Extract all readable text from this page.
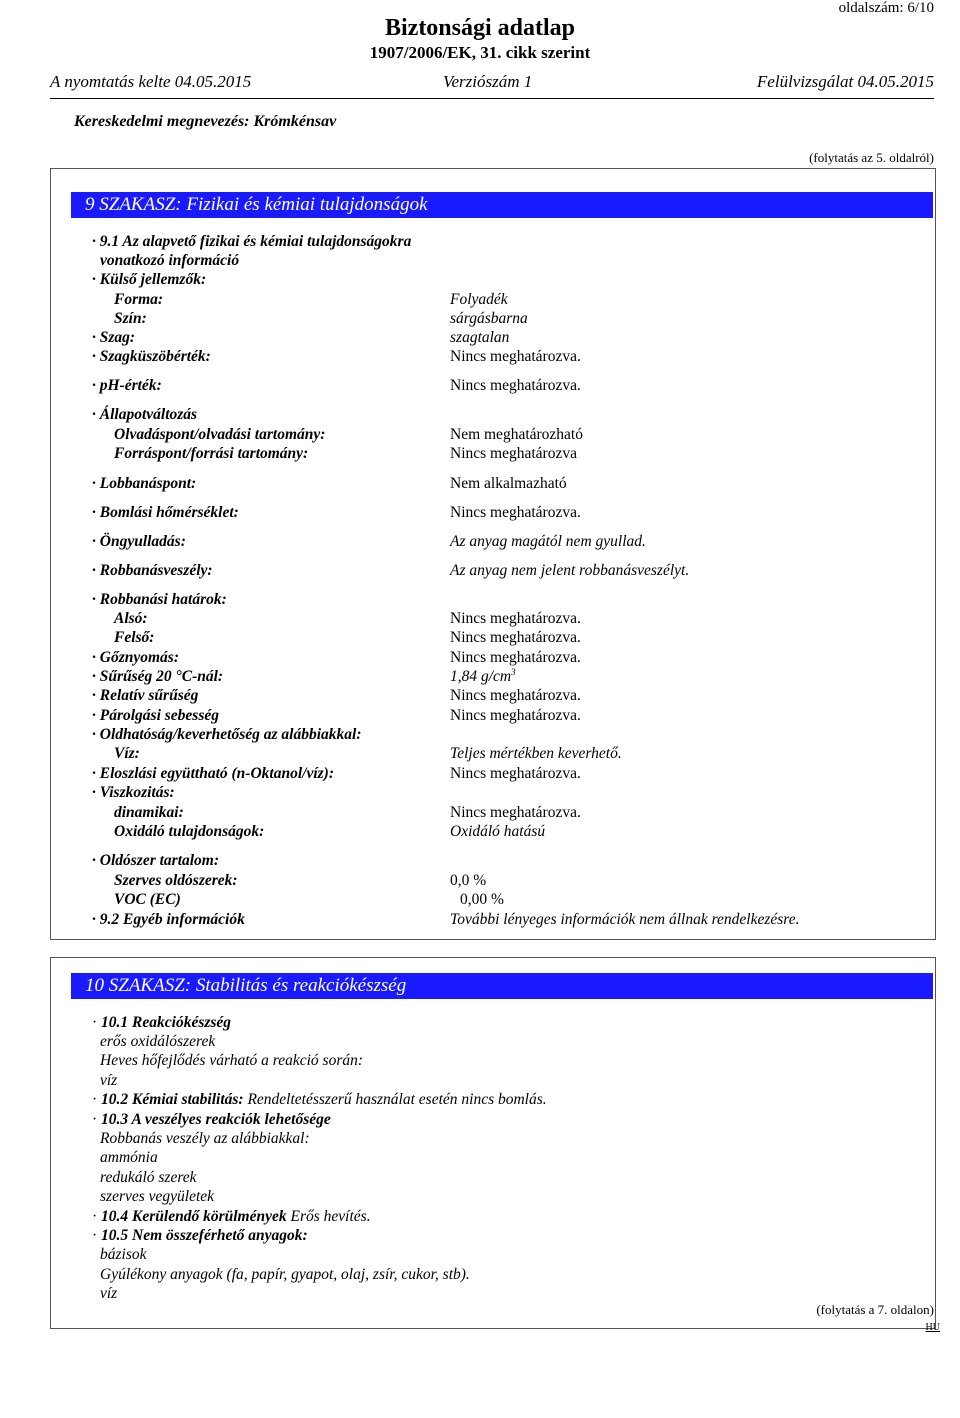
oldalszám: 6/10
Biztonsági adatlap
1907/2006/EK, 31. cikk szerint
A nyomtatás kelte 04.05.2015	Verziószám 1	Felülvizsgálat 04.05.2015
Kereskedelmi megnevezés: Krómkénsav
(folytatás az 5. oldalról)
9 SZAKASZ: Fizikai és kémiai tulajdonságok
· 9.1 Az alapvető fizikai és kémiai tulajdonságokra
vonatkozó információ
· Külső jellemzők:
Forma:	Folyadék
Szín:	sárgásbarna
· Szag:	szagtalan
· Szagküszöbérték:	Nincs meghatározva.
· pH-érték:	Nincs meghatározva.
· Állapotváltozás
Olvadáspont/olvadási tartomány:	Nem meghatározható
Forráspont/forrási tartomány:	Nincs meghatározva
· Lobbanáspont:	Nem alkalmazható
· Bomlási hőmérséklet:	Nincs meghatározva.
· Öngyulladás:	Az anyag magától nem gyullad.
· Robbanásveszély:	Az anyag nem jelent robbanásveszélyt.
· Robbanási határok:
Alsó:	Nincs meghatározva.
Felső:	Nincs meghatározva.
· Gőznyomás:	Nincs meghatározva.
· Sűrűség 20 °C-nál:	1,84 $g/cm^3$
· Relatív sűrűség	Nincs meghatározva.
· Párolgási sebesség	Nincs meghatározva.
· Oldhatóság/keverhetőség az alábbiakkal:
Víz:	Teljes mértékben keverhető.
· Eloszlási együttható (n-Oktanol/víz):	Nincs meghatározva.
· Viszkozitás:
dinamikai:	Nincs meghatározva.
Oxidáló tulajdonságok:	Oxidáló hatású
· Oldószer tartalom:
Szerves oldószerek:	0,0 %
VOC (EC)	0,00 %
· 9.2 Egyéb információk	További lényeges információk nem állnak rendelkezésre.
10 SZAKASZ: Stabilitás és reakciókészség
· 10.1 Reakciókészség
erős oxidálószerek
Heves hőfejlődés várható a reakció során:
víz
· 10.2 Kémiai stabilitás: Rendeltetésszerű használat esetén nincs bomlás.
· 10.3 A veszélyes reakciók lehetősége
Robbanás veszély az alábbiakkal:
ammónia
redukáló szerek
szerves vegyületek
· 10.4 Kerülendő körülmények Erős hevítés.
· 10.5 Nem összeférhető anyagok:
bázisok
Gyúlékony anyagok (fa, papír, gyapot, olaj, zsír, cukor, stb).
víz
(folytatás a 7. oldalon)
HU
